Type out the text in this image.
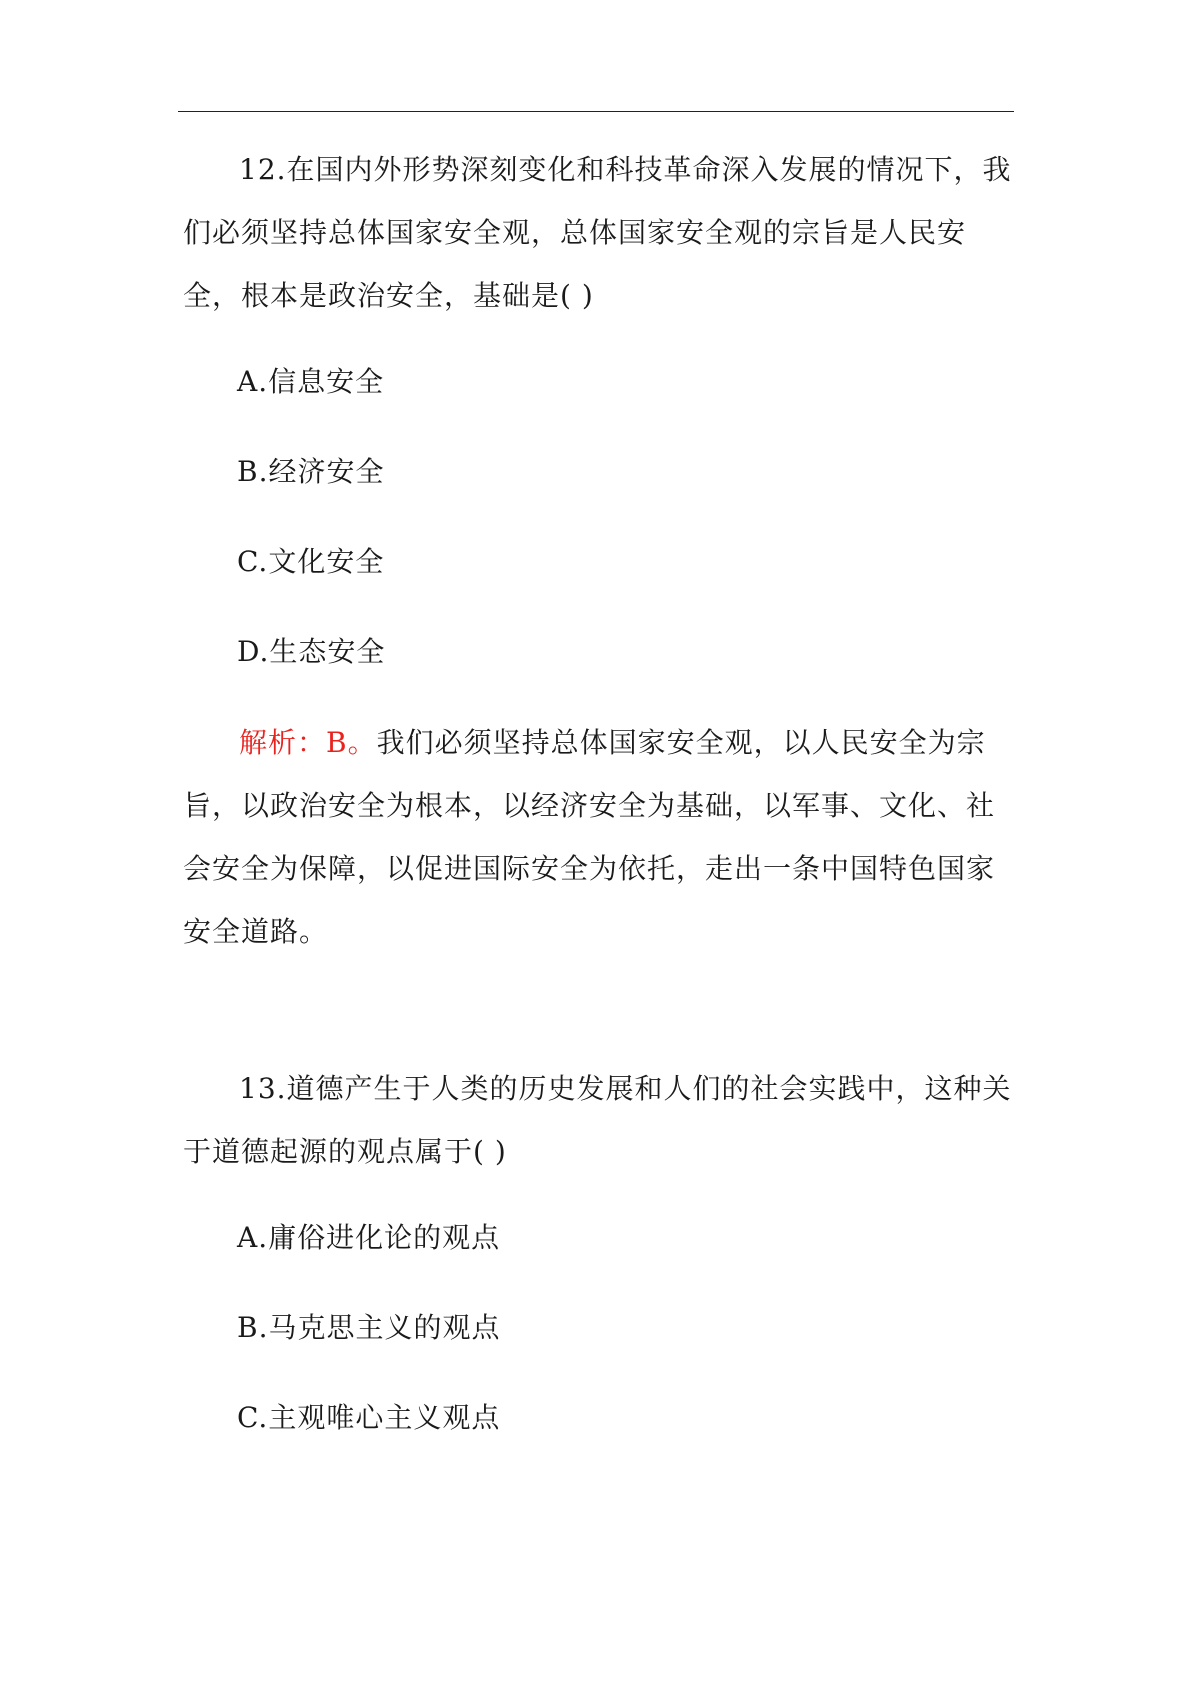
12.在国内外形势深刻变化和科技革命深入发展的情况下，我们必须坚持总体国家安全观，总体国家安全观的宗旨是人民安全，根本是政治安全，基础是( )

A.信息安全

B.经济安全

C.文化安全

D.生态安全

解析：B。我们必须坚持总体国家安全观，以人民安全为宗旨，以政治安全为根本，以经济安全为基础，以军事、文化、社会安全为保障，以促进国际安全为依托，走出一条中国特色国家安全道路。

13.道德产生于人类的历史发展和人们的社会实践中，这种关于道德起源的观点属于( )

A.庸俗进化论的观点

B.马克思主义的观点

C.主观唯心主义观点
